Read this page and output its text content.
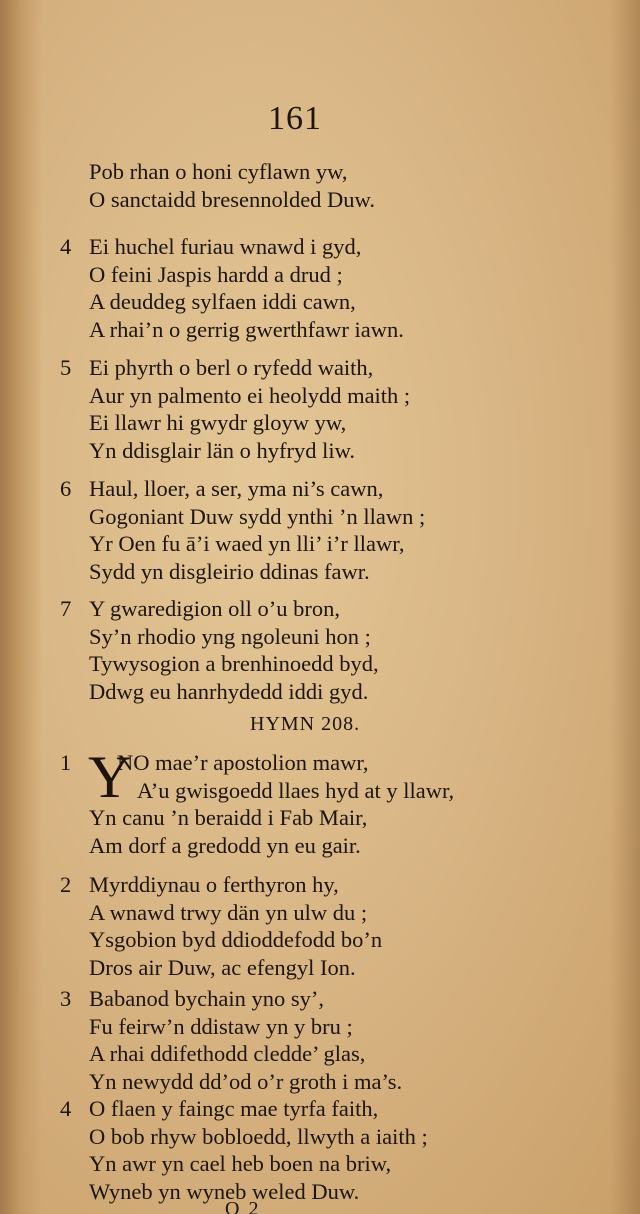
161
Pob rhan o honi cyflawn yw,
O sanctaidd bresennolded Duw.
4 Ei huchel furiau wnawd i gyd,
O feini Jaspis hardd a drud ;
A deuddeg sylfaen iddi cawn,
A rhai’n o gerrig gwerthfawr iawn.
5 Ei phyrth o berl o ryfedd waith,
Aur yn palmento ei heolydd maith ;
Ei llawr hi gwydr gloyw yw,
Yn ddisglair län o hyfryd liw.
6 Haul, lloer, a ser, yma ni’s cawn,
Gogoniant Duw sydd ynthi ’n llawn ;
Yr Oen fu ā’i waed yn lli’ i’r llawr,
Sydd yn disgleirio ddinas fawr.
7 Y gwaredigion oll o’u bron,
Sy’n rhodio yng ngoleuni hon ;
Tywysogion a brenhinoedd byd,
Ddwg eu hanrhydedd iddi gyd.
HYMN 208.
Y
1	NO mae’r apostolion mawr,
A’u gwisgoedd llaes hyd at y llawr,
Yn canu ’n beraidd i Fab Mair,
Am dorf a gredodd yn eu gair.
2 Myrddiynau o ferthyron hy,
A wnawd trwy dän yn ulw du ;
Ysgobion byd ddioddefodd bo’n
Dros air Duw, ac efengyl Ion.
3 Babanod bychain yno sy’,
Fu feirw’n ddistaw yn y bru ;
A rhai ddifethodd cledde’ glas,
Yn newydd dd’od o’r groth i ma’s.
4 O flaen y faingc mae tyrfa faith,
O bob rhyw bobloedd, llwyth a iaith ;
Yn awr yn cael heb boen na briw,
Wyneb yn wyneb weled Duw.
O 2
